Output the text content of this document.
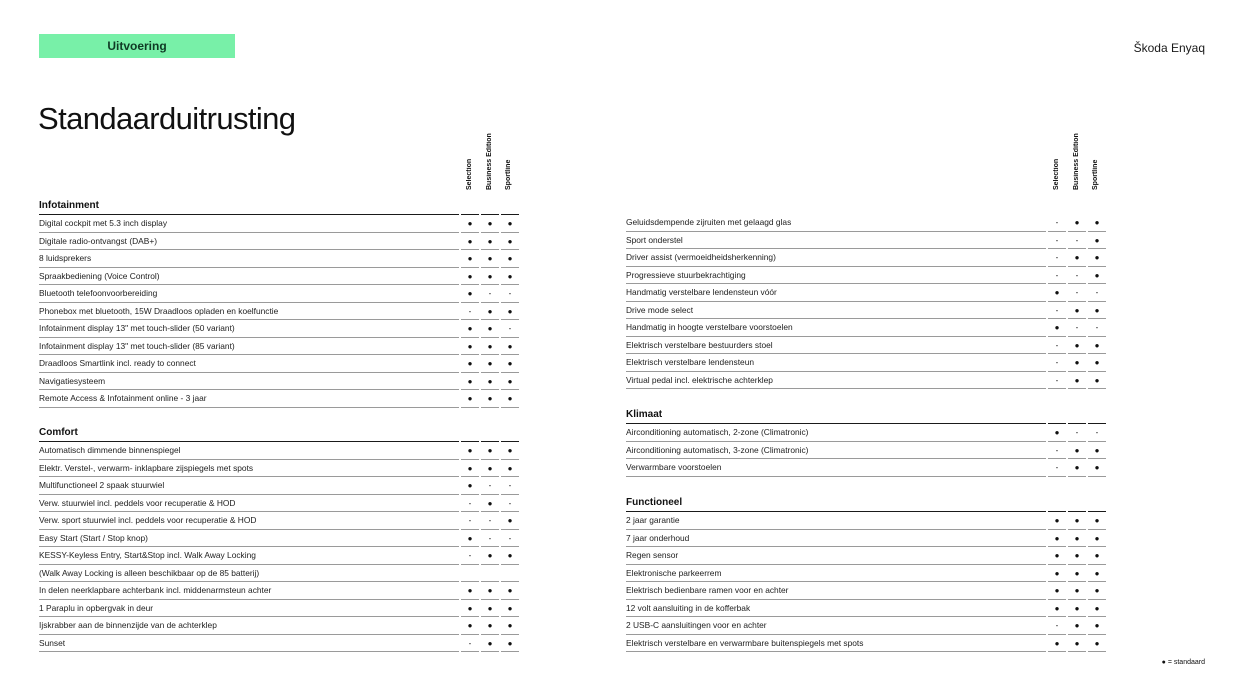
Uitvoering	Škoda Enyaq
Standaarduitrusting
Selection	Business Edition	Sportline	Selection	Business Edition	Sportline
Infotainment
Digital cockpit met 5.3 inch display	●	●	●
Digitale radio-ontvangst (DAB+)	●	●	●
8 luidsprekers	●	●	●
Spraakbediening (Voice Control)	●	●	●
Bluetooth telefoonvoorbereiding	●	-	-
Phonebox met bluetooth, 15W Draadloos opladen en koelfunctie	-	●	●
Infotainment display 13" met touch-slider (50 variant)	●	●	-
Infotainment display 13" met touch-slider (85 variant)	●	●	●
Draadloos Smartlink incl. ready to connect	●	●	●
Navigatiesysteem	●	●	●
Remote Access & Infotainment online - 3 jaar	●	●	●
Comfort
Automatisch dimmende binnenspiegel	●	●	●
Elektr. Verstel-, verwarm- inklapbare zijspiegels met spots	●	●	●
Multifunctioneel 2 spaak stuurwiel	●	-	-
Verw. stuurwiel incl. peddels voor recuperatie & HOD	-	●	-
Verw. sport stuurwiel incl. peddels voor recuperatie & HOD	-	-	●
Easy Start (Start / Stop knop)	●	-	-
KESSY-Keyless Entry, Start&Stop incl. Walk Away Locking	-	●	●
(Walk Away Locking is alleen beschikbaar op de 85 batterij)
In delen neerklapbare achterbank incl. middenarmsteun achter	●	●	●
1 Paraplu in opbergvak in deur	●	●	●
Ijskrabber aan de binnenzijde van de achterklep	●	●	●
Sunset	-	●	●
Geluidsdempende zijruiten met gelaagd glas	-	●	●
Sport onderstel	-	-	●
Driver assist (vermoeidheidsherkenning)	-	●	●
Progressieve stuurbekrachtiging	-	-	●
Handmatig verstelbare lendensteun vóór	●	-	-
Drive mode select	-	●	●
Handmatig in hoogte verstelbare voorstoelen	●	-	-
Elektrisch verstelbare bestuurders stoel	-	●	●
Elektrisch verstelbare lendensteun	-	●	●
Virtual pedal incl. elektrische achterklep	-	●	●
Klimaat
Airconditioning automatisch, 2-zone (Climatronic)	●	-	-
Airconditioning automatisch, 3-zone (Climatronic)	-	●	●
Verwarmbare voorstoelen	-	●	●
Functioneel
2 jaar garantie	●	●	●
7 jaar onderhoud	●	●	●
Regen sensor	●	●	●
Elektronische parkeerrem	●	●	●
Elektrisch bedienbare ramen voor en achter	●	●	●
12 volt aansluiting in de kofferbak	●	●	●
2 USB-C aansluitingen voor en achter	-	●	●
Elektrisch verstelbare en verwarmbare buitenspiegels met spots	●	●	●
● = standaard
